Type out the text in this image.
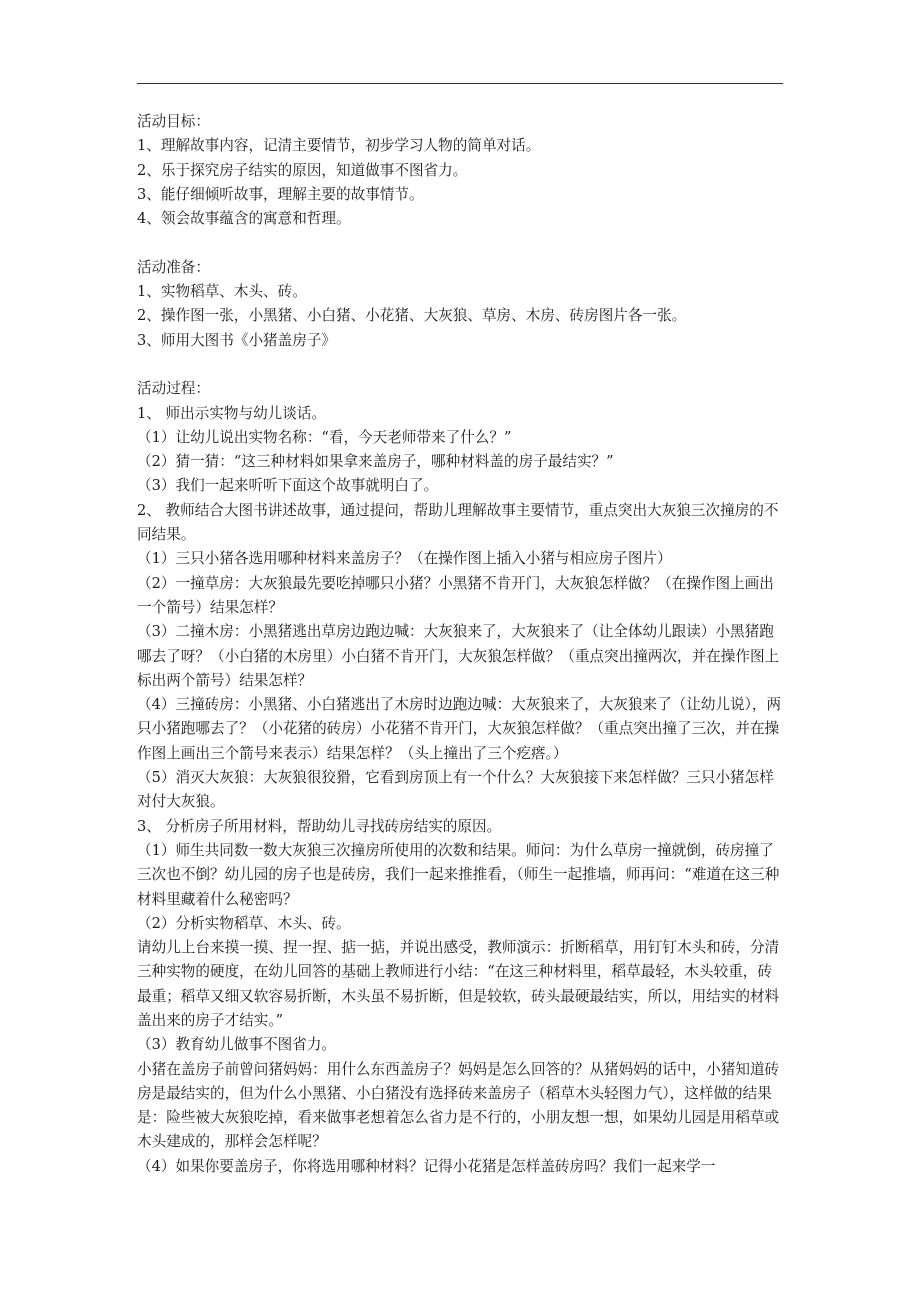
活动目标：

1、理解故事内容，记清主要情节，初步学习人物的简单对话。

2、乐于探究房子结实的原因，知道做事不图省力。

3、能仔细倾听故事，理解主要的故事情节。

4、领会故事蕴含的寓意和哲理。

活动准备：

1、实物稻草、木头、砖。

2、操作图一张，小黑猪、小白猪、小花猪、大灰狼、草房、木房、砖房图片各一张。

3、师用大图书《小猪盖房子》

活动过程：

1、 师出示实物与幼儿谈话。

（1）让幼儿说出实物名称：“看，今天老师带来了什么？”

（2）猜一猜：“这三种材料如果拿来盖房子，哪种材料盖的房子最结实？”

（3）我们一起来听听下面这个故事就明白了。

2、 教师结合大图书讲述故事，通过提问，帮助儿理解故事主要情节，重点突出大灰狼三次撞房的不同结果。

（1）三只小猪各选用哪种材料来盖房子？（在操作图上插入小猪与相应房子图片）

（2）一撞草房：大灰狼最先要吃掉哪只小猪？小黑猪不肯开门，大灰狼怎样做？（在操作图上画出一个箭号）结果怎样？

（3）二撞木房：小黑猪逃出草房边跑边喊：大灰狼来了，大灰狼来了（让全体幼儿跟读）小黑猪跑哪去了呀？（小白猪的木房里）小白猪不肯开门，大灰狼怎样做？（重点突出撞两次，并在操作图上标出两个箭号）结果怎样？

（4）三撞砖房：小黑猪、小白猪逃出了木房时边跑边喊：大灰狼来了，大灰狼来了（让幼儿说），两只小猪跑哪去了？（小花猪的砖房）小花猪不肯开门，大灰狼怎样做？（重点突出撞了三次，并在操作图上画出三个箭号来表示）结果怎样？（头上撞出了三个疙瘩。）

（5）消灭大灰狼：大灰狼很狡猾，它看到房顶上有一个什么？大灰狼接下来怎样做？三只小猪怎样对付大灰狼。

3、 分析房子所用材料，帮助幼儿寻找砖房结实的原因。

（1）师生共同数一数大灰狼三次撞房所使用的次数和结果。师问：为什么草房一撞就倒，砖房撞了三次也不倒？幼儿园的房子也是砖房，我们一起来推推看，（师生一起推墙，师再问：“难道在这三种材料里藏着什么秘密吗？

（2）分析实物稻草、木头、砖。

请幼儿上台来摸一摸、捏一捏、掂一掂，并说出感受，教师演示：折断稻草，用钉钉木头和砖，分清三种实物的硬度，在幼儿回答的基础上教师进行小结：“在这三种材料里，稻草最轻，木头较重，砖最重；稻草又细又软容易折断，木头虽不易折断，但是较软，砖头最硬最结实，所以，用结实的材料盖出来的房子才结实。”

（3）教育幼儿做事不图省力。

小猪在盖房子前曾问猪妈妈：用什么东西盖房子？妈妈是怎么回答的？从猪妈妈的话中，小猪知道砖房是最结实的，但为什么小黑猪、小白猪没有选择砖来盖房子（稻草木头轻图力气），这样做的结果是：险些被大灰狼吃掉，看来做事老想着怎么省力是不行的，小朋友想一想，如果幼儿园是用稻草或木头建成的，那样会怎样呢？

（4）如果你要盖房子，你将选用哪种材料？记得小花猪是怎样盖砖房吗？我们一起来学一
